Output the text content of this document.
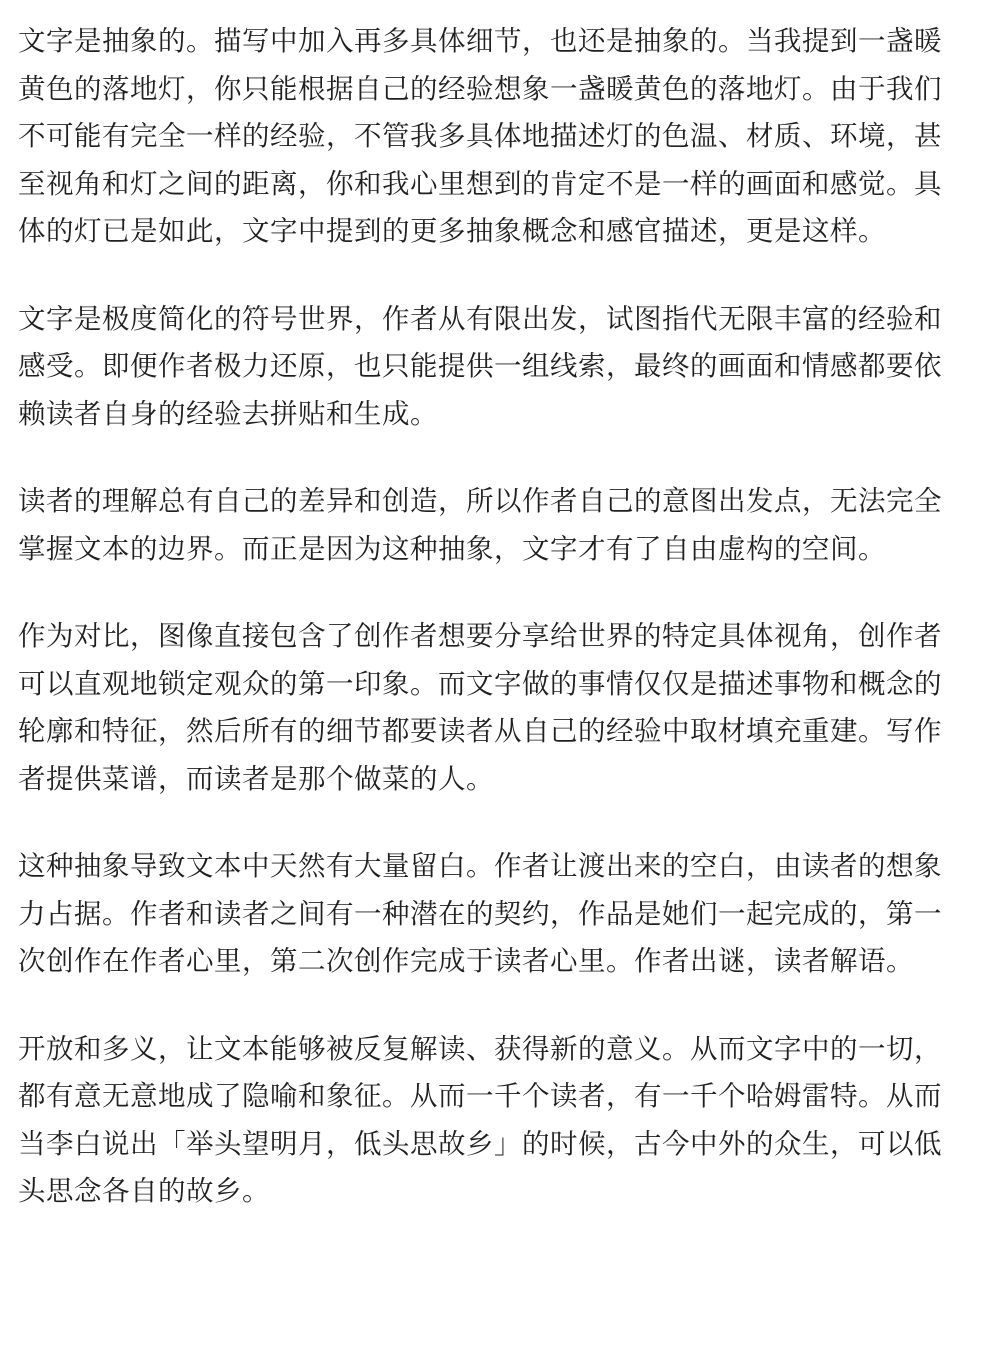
文字是抽象的。描写中加入再多具体细节，也还是抽象的。当我提到一盏暖黄色的落地灯，你只能根据自己的经验想象一盏暖黄色的落地灯。由于我们不可能有完全一样的经验，不管我多具体地描述灯的色温、材质、环境，甚至视角和灯之间的距离，你和我心里想到的肯定不是一样的画面和感觉。具体的灯已是如此，文字中提到的更多抽象概念和感官描述，更是这样。

文字是极度简化的符号世界，作者从有限出发，试图指代无限丰富的经验和感受。即便作者极力还原，也只能提供一组线索，最终的画面和情感都要依赖读者自身的经验去拼贴和生成。

读者的理解总有自己的差异和创造，所以作者自己的意图出发点，无法完全掌握文本的边界。而正是因为这种抽象，文字才有了自由虚构的空间。

作为对比，图像直接包含了创作者想要分享给世界的特定具体视角，创作者可以直观地锁定观众的第一印象。而文字做的事情仅仅是描述事物和概念的轮廓和特征，然后所有的细节都要读者从自己的经验中取材填充重建。写作者提供菜谱，而读者是那个做菜的人。

这种抽象导致文本中天然有大量留白。作者让渡出来的空白，由读者的想象力占据。作者和读者之间有一种潜在的契约，作品是她们一起完成的，第一次创作在作者心里，第二次创作完成于读者心里。作者出谜，读者解语。

开放和多义，让文本能够被反复解读、获得新的意义。从而文字中的一切，都有意无意地成了隐喻和象征。从而一千个读者，有一千个哈姆雷特。从而当李白说出「举头望明月，低头思故乡」的时候，古今中外的众生，可以低头思念各自的故乡。
